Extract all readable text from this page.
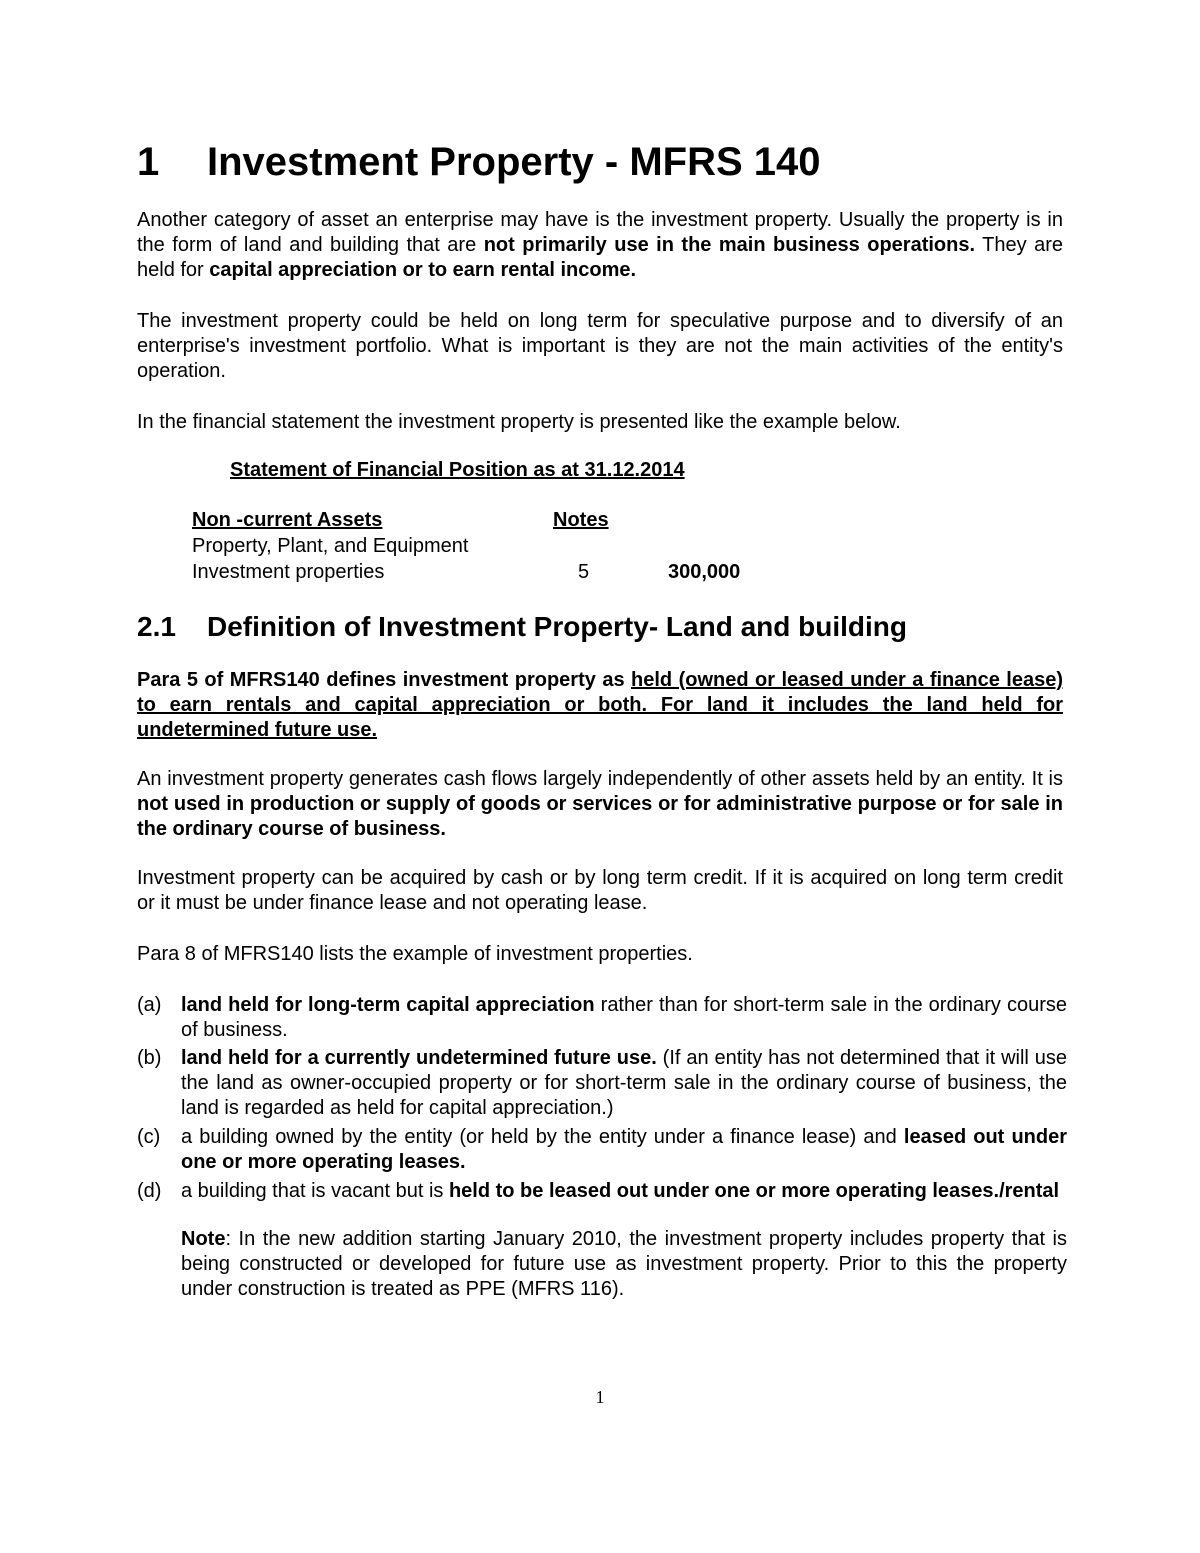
1 Investment Property - MFRS 140

Another category of asset an enterprise may have is the investment property. Usually the property is in the form of land and building that are not primarily use in the main business operations. They are held for capital appreciation or to earn rental income.

The investment property could be held on long term for speculative purpose and to diversify of an enterprise's investment portfolio. What is important is they are not the main activities of the entity's operation.

In the financial statement the investment property is presented like the example below.

Statement of Financial Position as at 31.12.2014
Non -current Assets	Notes
Property, Plant, and Equipment
Investment properties	5	300,000
2.1 Definition of Investment Property- Land and building

Para 5 of MFRS140 defines investment property as held (owned or leased under a finance lease) to earn rentals and capital appreciation or both. For land it includes the land held for undetermined future use.

An investment property generates cash flows largely independently of other assets held by an entity. It is not used in production or supply of goods or services or for administrative purpose or for sale in the ordinary course of business.

Investment property can be acquired by cash or by long term credit. If it is acquired on long term credit or it must be under finance lease and not operating lease.

Para 8 of MFRS140 lists the example of investment properties.

(a) land held for long-term capital appreciation rather than for short-term sale in the ordinary course of business.
(b) land held for a currently undetermined future use. (If an entity has not determined that it will use the land as owner-occupied property or for short-term sale in the ordinary course of business, the land is regarded as held for capital appreciation.)
(c)	a building owned by the entity (or held by the entity under a finance lease) and leased out under one or more operating leases.
(d) a building that is vacant but is held to be leased out under one or more operating leases./rental
Note: In the new addition starting January 2010, the investment property includes property that is being constructed or developed for future use as investment property. Prior to this the property under construction is treated as PPE (MFRS 116).
1
